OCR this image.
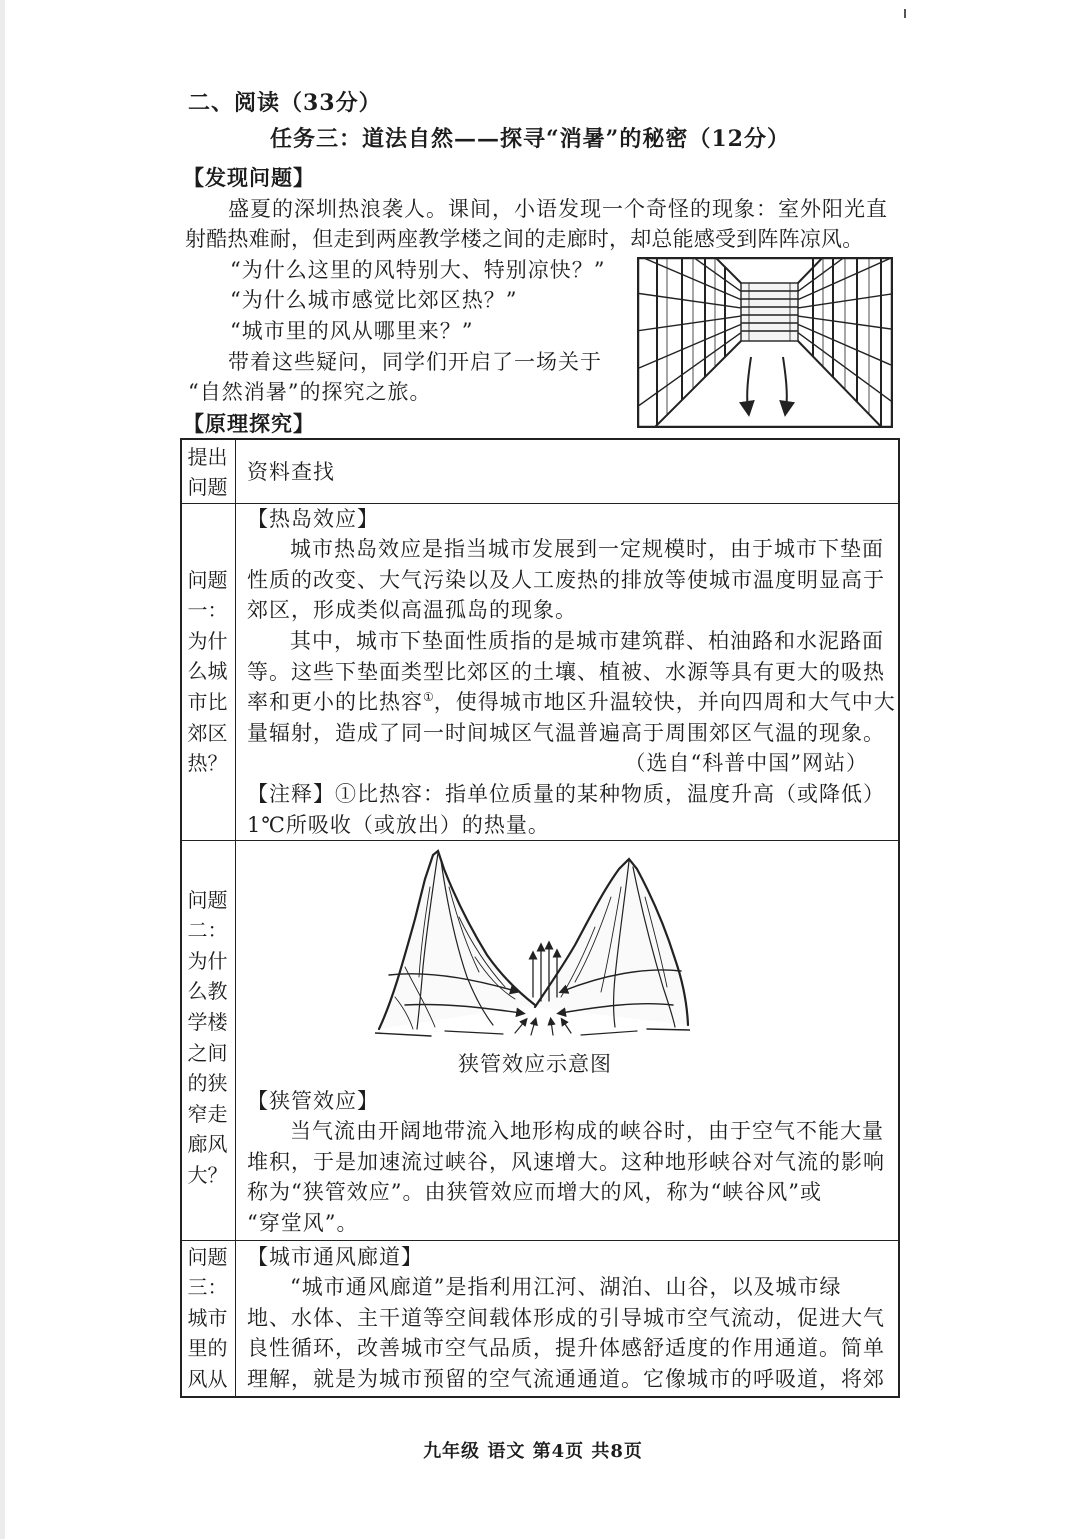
二、阅读（33分）
任务三：道法自然——探寻“消暑”的秘密（12分）
【发现问题】
盛夏的深圳热浪袭人。课间，小语发现一个奇怪的现象：室外阳光直
射酷热难耐，但走到两座教学楼之间的走廊时，却总能感受到阵阵凉风。
“为什么这里的风特别大、特别凉快？”
“为什么城市感觉比郊区热？”
“城市里的风从哪里来？”
带着这些疑问，同学们开启了一场关于
“自然消暑”的探究之旅。
【原理探究】
提出
问题
资料查找
问题
一：
为什
么城
市比
郊区
热？
【热岛效应】
城市热岛效应是指当城市发展到一定规模时，由于城市下垫面
性质的改变、大气污染以及人工废热的排放等使城市温度明显高于
郊区，形成类似高温孤岛的现象。
其中，城市下垫面性质指的是城市建筑群、柏油路和水泥路面
等。这些下垫面类型比郊区的土壤、植被、水源等具有更大的吸热
率和更小的比热容①，使得城市地区升温较快，并向四周和大气中大
量辐射，造成了同一时间城区气温普遍高于周围郊区气温的现象。
（选自“科普中国”网站）
【注释】①比热容：指单位质量的某种物质，温度升高（或降低）
1℃所吸收（或放出）的热量。
问题
二：
为什
么教
学楼
之间
的狭
窄走
廊风
大？
狭管效应示意图
【狭管效应】
当气流由开阔地带流入地形构成的峡谷时，由于空气不能大量
堆积，于是加速流过峡谷，风速增大。这种地形峡谷对气流的影响
称为“狭管效应”。由狭管效应而增大的风，称为“峡谷风”或
“穿堂风”。
问题
三：
城市
里的
风从
【城市通风廊道】
“城市通风廊道”是指利用江河、湖泊、山谷，以及城市绿
地、水体、主干道等空间载体形成的引导城市空气流动，促进大气
良性循环，改善城市空气品质，提升体感舒适度的作用通道。简单
理解，就是为城市预留的空气流通通道。它像城市的呼吸道，将郊
九年级 语文 第4页 共8页
